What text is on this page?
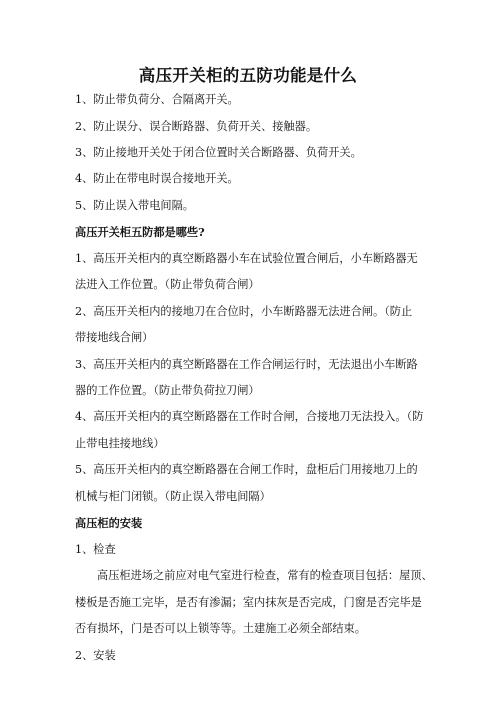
高压开关柜的五防功能是什么
1、防止带负荷分、合隔离开关。
2、防止误分、误合断路器、负荷开关、接触器。
3、防止接地开关处于闭合位置时关合断路器、负荷开关。
4、防止在带电时误合接地开关。
5、防止误入带电间隔。
高压开关柜五防都是哪些?
1、高压开关柜内的真空断路器小车在试验位置合闸后，小车断路器无
法进入工作位置。（防止带负荷合闸）
2、高压开关柜内的接地刀在合位时，小车断路器无法进合闸。（防止
带接地线合闸）
3、高压开关柜内的真空断路器在工作合闸运行时，无法退出小车断路
器的工作位置。（防止带负荷拉刀闸）
4、高压开关柜内的真空断路器在工作时合闸，合接地刀无法投入。（防
止带电挂接地线）
5、高压开关柜内的真空断路器在合闸工作时，盘柜后门用接地刀上的
机械与柜门闭锁。（防止误入带电间隔）
高压柜的安装
1、检查
高压柜进场之前应对电气室进行检查，常有的检查项目包括：屋顶、
楼板是否施工完毕，是否有渗漏；室内抹灰是否完成，门窗是否完毕是
否有损坏，门是否可以上锁等等。土建施工必须全部结束。
2、安装
